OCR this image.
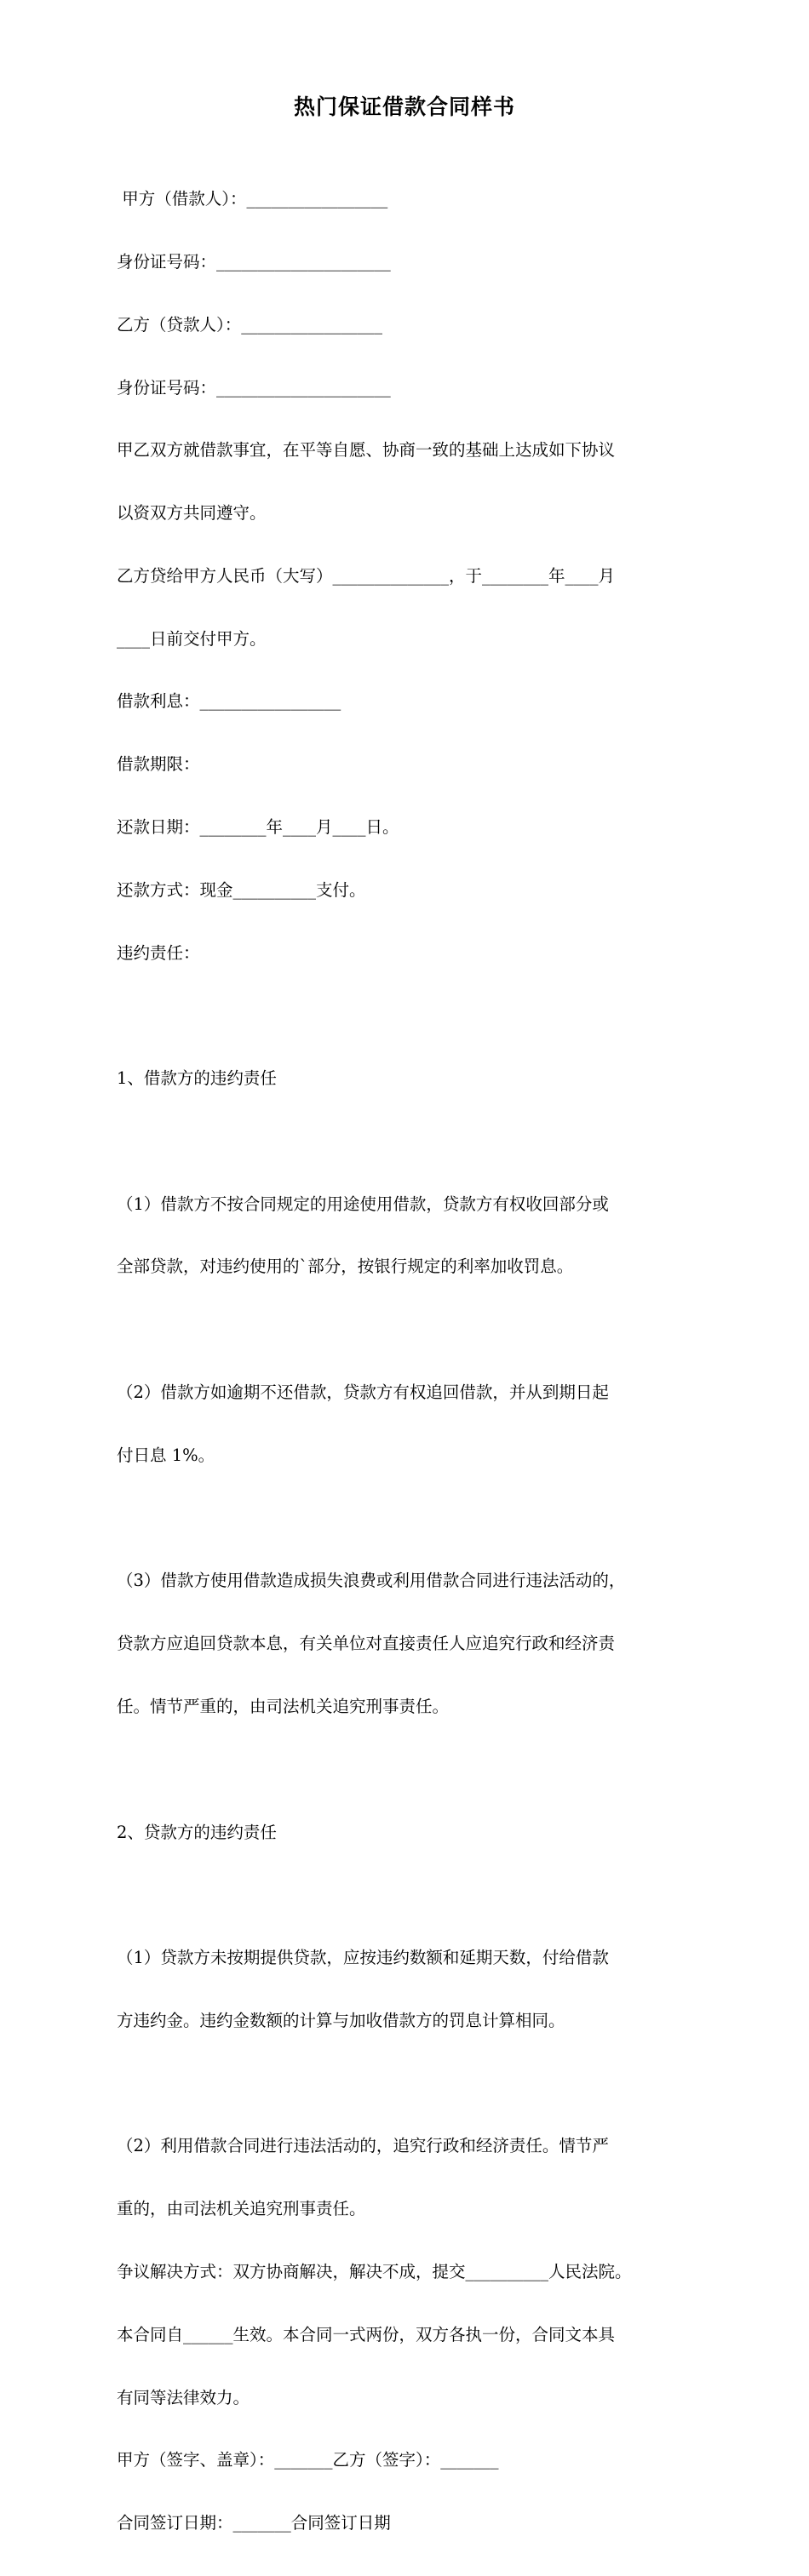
热门保证借款合同样书

甲方（借款人）：_________________

身份证号码：_____________________

乙方（贷款人）：_________________

身份证号码：_____________________

甲乙双方就借款事宜，在平等自愿、协商一致的基础上达成如下协议

以资双方共同遵守。

乙方贷给甲方人民币（大写）______________，于________年____月

____日前交付甲方。

借款利息：_________________

借款期限：

还款日期：________年____月____日。

还款方式：现金__________支付。

违约责任：

1、借款方的违约责任

（1）借款方不按合同规定的用途使用借款，贷款方有权收回部分或

全部贷款，对违约使用的`部分，按银行规定的利率加收罚息。

（2）借款方如逾期不还借款，贷款方有权追回借款，并从到期日起

付日息 1%。

（3）借款方使用借款造成损失浪费或利用借款合同进行违法活动的，

贷款方应追回贷款本息，有关单位对直接责任人应追究行政和经济责

任。情节严重的，由司法机关追究刑事责任。

2、贷款方的违约责任

（1）贷款方未按期提供贷款，应按违约数额和延期天数，付给借款

方违约金。违约金数额的计算与加收借款方的罚息计算相同。

（2）利用借款合同进行违法活动的，追究行政和经济责任。情节严

重的，由司法机关追究刑事责任。

争议解决方式：双方协商解决，解决不成，提交__________人民法院。

本合同自______生效。本合同一式两份，双方各执一份，合同文本具

有同等法律效力。

甲方（签字、盖章）：_______乙方（签字）：_______

合同签订日期：_______合同签订日期
